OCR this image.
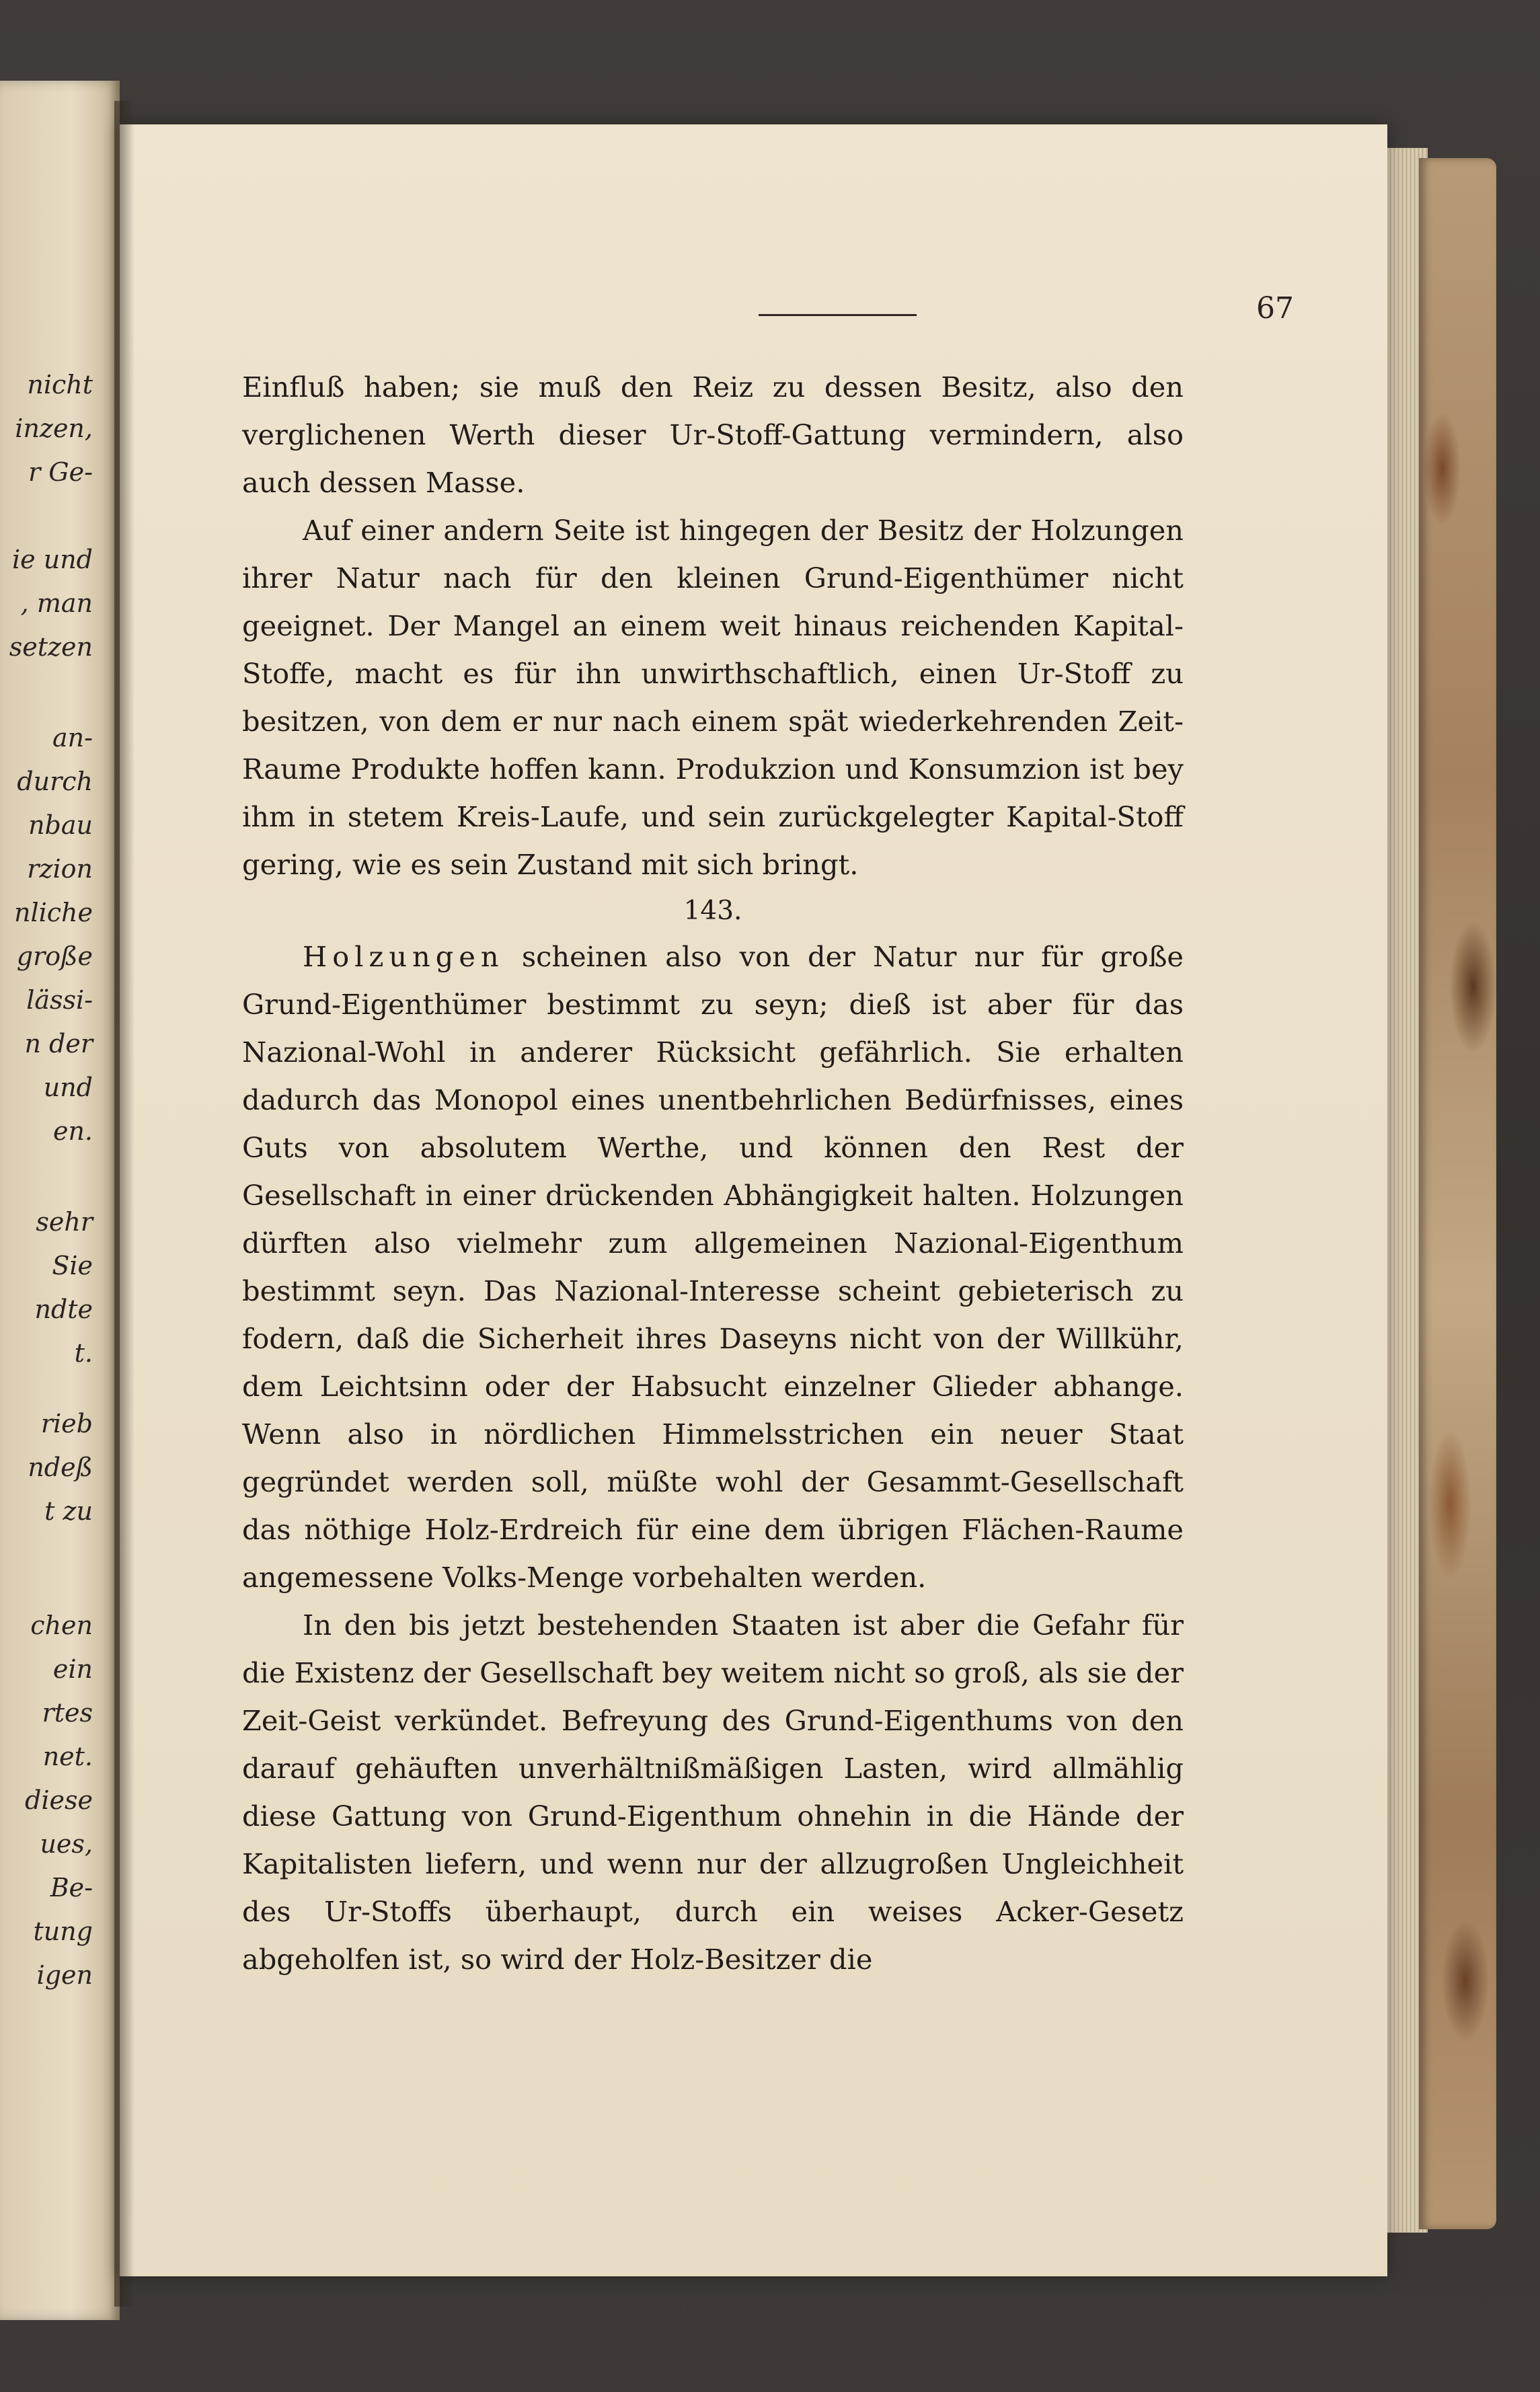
nicht
inzen,
r Ge-
ie und
, man
setzen
an-
durch
nbau
rzion
nliche
große
lässi-
n der
und
en.
sehr
Sie
ndte
t.
rieb
ndeß
t zu
chen
ein
rtes
net.
diese
ues,
Be-
tung
igen
67

Einfluß haben; sie muß den Reiz zu dessen Besitz, also den verglichenen Werth dieser Ur-Stoff-Gattung vermindern, also auch dessen Masse.

Auf einer andern Seite ist hingegen der Besitz der Holzungen ihrer Natur nach für den kleinen Grund-Eigenthümer nicht geeignet. Der Mangel an einem weit hinaus reichenden Kapital-Stoffe, macht es für ihn unwirthschaftlich, einen Ur-Stoff zu besitzen, von dem er nur nach einem spät wiederkehrenden Zeit-Raume Produkte hoffen kann. Produkzion und Konsumzion ist bey ihm in stetem Kreis-Laufe, und sein zurückgelegter Kapital-Stoff gering, wie es sein Zustand mit sich bringt.

143.

Holzungen scheinen also von der Natur nur für große Grund-Eigenthümer bestimmt zu seyn; dieß ist aber für das Nazional-Wohl in anderer Rücksicht gefährlich. Sie erhalten dadurch das Monopol eines unentbehrlichen Bedürfnisses, eines Guts von absolutem Werthe, und können den Rest der Gesellschaft in einer drückenden Abhängigkeit halten. Holzungen dürften also vielmehr zum allgemeinen Nazional-Eigenthum bestimmt seyn. Das Nazional-Interesse scheint gebieterisch zu fodern, daß die Sicherheit ihres Daseyns nicht von der Willkühr, dem Leichtsinn oder der Habsucht einzelner Glieder abhange. Wenn also in nördlichen Himmelsstrichen ein neuer Staat gegründet werden soll, müßte wohl der Gesammt-Gesellschaft das nöthige Holz-Erdreich für eine dem übrigen Flächen-Raume angemessene Volks-Menge vorbehalten werden.

In den bis jetzt bestehenden Staaten ist aber die Gefahr für die Existenz der Gesellschaft bey weitem nicht so groß, als sie der Zeit-Geist verkündet. Befreyung des Grund-Eigenthums von den darauf gehäuften unverhältnißmäßigen Lasten, wird allmählig diese Gattung von Grund-Eigenthum ohnehin in die Hände der Kapitalisten liefern, und wenn nur der allzugroßen Ungleichheit des Ur-Stoffs überhaupt, durch ein weises Acker-Gesetz abgeholfen ist, so wird der Holz-Besitzer die
